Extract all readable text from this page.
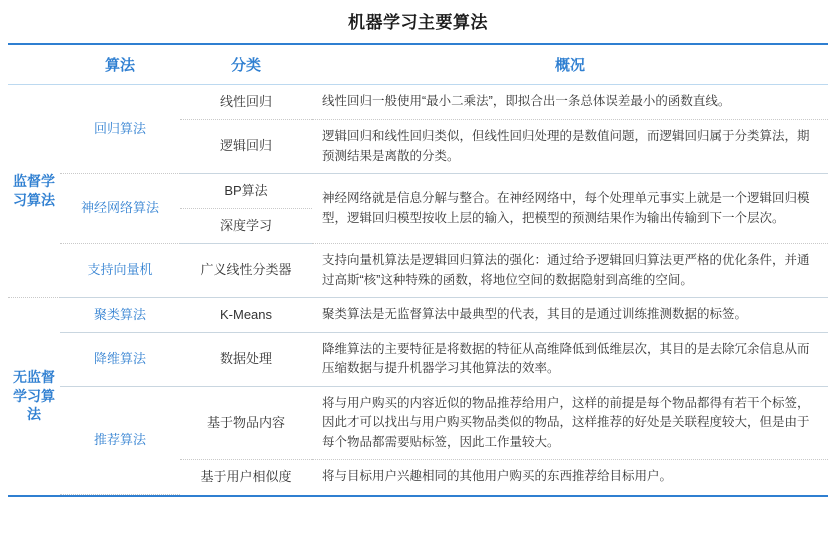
机器学习主要算法
	算法	分类	概况
监督学习算法	回归算法	线性回归	线性回归一般使用“最小二乘法”，即拟合出一条总体误差最小的函数直线。
		逻辑回归	逻辑回归和线性回归类似，但线性回归处理的是数值问题，而逻辑回归属于分类算法，期预测结果是离散的分类。
	神经网络算法	BP算法	神经网络就是信息分解与整合。在神经网络中，每个处理单元事实上就是一个逻辑回归模型，逻辑回归模型按收上层的输入，把模型的预测结果作为输出传输到下一个层次。
		深度学习	
	支持向量机	广义线性分类器	支持向量机算法是逻辑回归算法的强化：通过给予逻辑回归算法更严格的优化条件，并通过高斯“核”这种特殊的函数，将地位空间的数据隐射到高维的空间。
无监督学习算法	聚类算法	K-Means	聚类算法是无监督算法中最典型的代表，其目的是通过训练推测数据的标签。
	降维算法	数据处理	降维算法的主要特征是将数据的特征从高维降低到低维层次，其目的是去除冗余信息从而压缩数据与提升机器学习其他算法的效率。
	推荐算法	基于物品内容	将与用户购买的内容近似的物品推荐给用户，这样的前提是每个物品都得有若干个标签，因此才可以找出与用户购买物品类似的物品，这样推荐的好处是关联程度较大，但是由于每个物品都需要贴标签，因此工作量较大。
		基于用户相似度	将与目标用户兴趣相同的其他用户购买的东西推荐给目标用户。
